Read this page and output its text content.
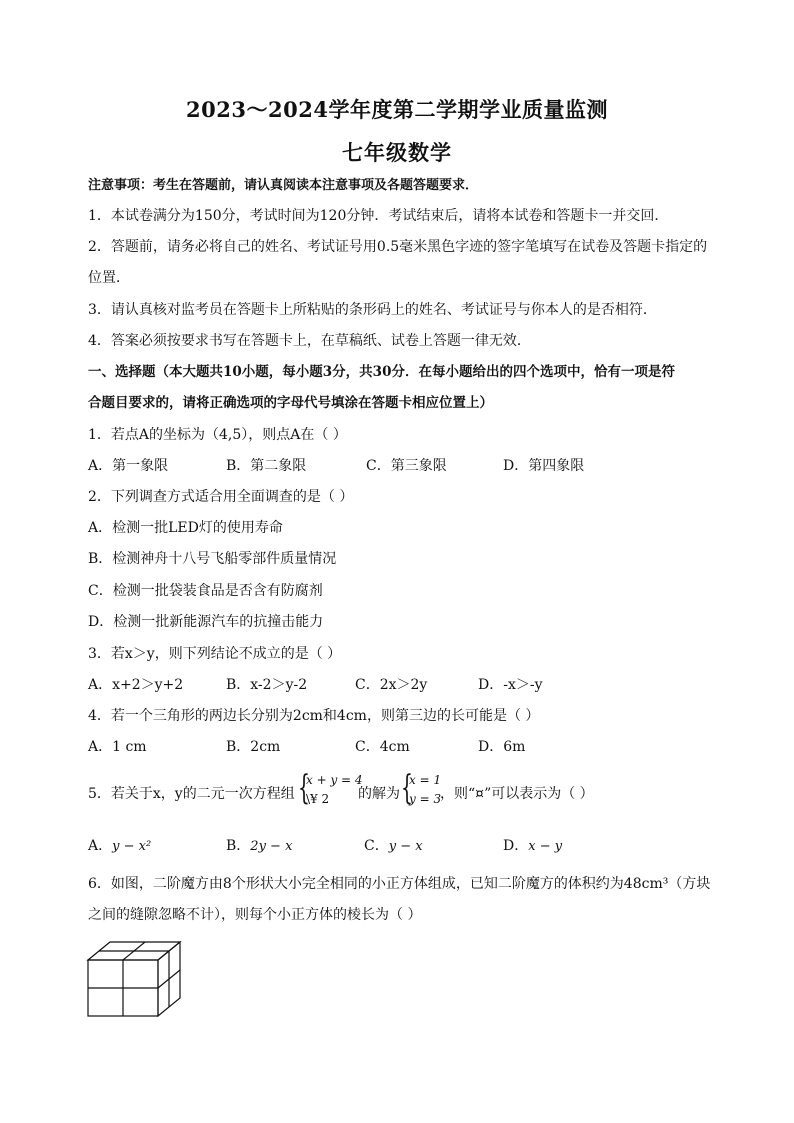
2023～2024学年度第二学期学业质量监测
七年级数学
注意事项：考生在答题前，请认真阅读本注意事项及各题答题要求．
1．本试卷满分为150分，考试时间为120分钟．考试结束后，请将本试卷和答题卡一并交回．
2．答题前，请务必将自己的姓名、考试证号用0.5毫米黑色字迹的签字笔填写在试卷及答题卡指定的
位置．
3．请认真核对监考员在答题卡上所粘贴的条形码上的姓名、考试证号与你本人的是否相符．
4．答案必须按要求书写在答题卡上，在草稿纸、试卷上答题一律无效．
一、选择题（本大题共10小题，每小题3分，共30分．在每小题给出的四个选项中，恰有一项是符
合题目要求的，请将正确选项的字母代号填涂在答题卡相应位置上）
1．若点A的坐标为（4,5），则点A在（ ）
A．第一象限	B．第二象限	C．第三象限	D．第四象限
2．下列调查方式适合用全面调查的是（ ）
A．检测一批LED灯的使用寿命
B．检测神舟十八号飞船零部件质量情况
C．检测一批袋装食品是否含有防腐剂
D．检测一批新能源汽车的抗撞击能力
3．若x＞y，则下列结论不成立的是（ ）
A．x+2＞y+2	B．x-2＞y-2	C．2x＞2y	D．-x＞-y
4．若一个三角形的两边长分别为2cm和4cm，则第三边的长可能是（ ）
A．1 cm	B．2cm	C．4cm	D．6m
5．若关于x，y的二元一次方程组 {
x + y = 4
\¥ 2 的解为 {
x = 1
y = 3
，则“¤”可以表示为（ ）
A．y − x²	B．2y − x	C．y − x	D．x − y
6．如图，二阶魔方由8个形状大小完全相同的小正方体组成，已知二阶魔方的体积约为48cm³（方块
之间的缝隙忽略不计），则每个小正方体的棱长为（ ）
